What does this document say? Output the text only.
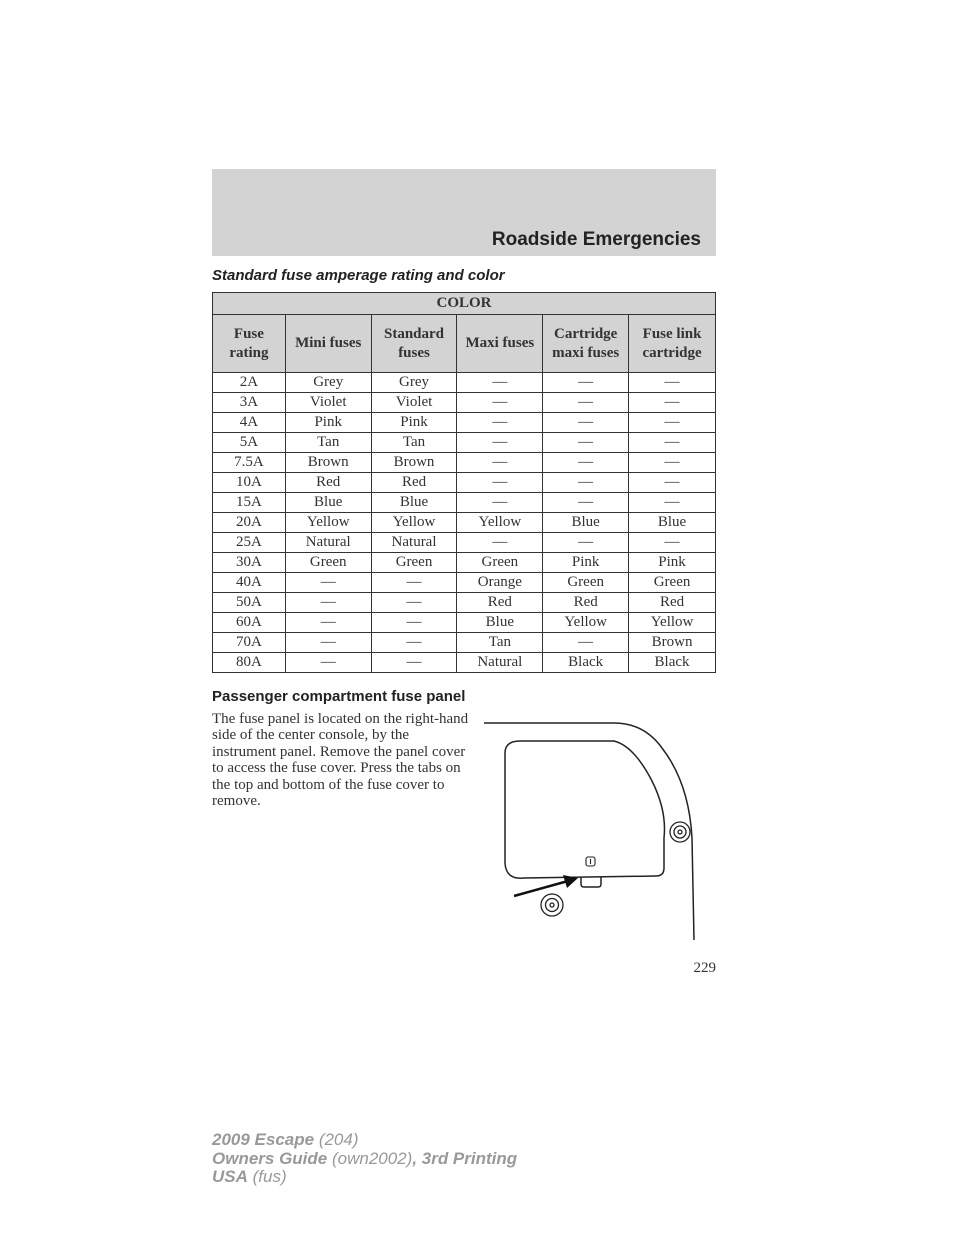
Roadside Emergencies
Standard fuse amperage rating and color
COLOR					
Fuse rating	Mini fuses	Standard fuses	Maxi fuses	Cartridge maxi fuses	Fuse link cartridge
2A	Grey	Grey	—	—	—
3A	Violet	Violet	—	—	—
4A	Pink	Pink	—	—	—
5A	Tan	Tan	—	—	—
7.5A	Brown	Brown	—	—	—
10A	Red	Red	—	—	—
15A	Blue	Blue	—	—	—
20A	Yellow	Yellow	Yellow	Blue	Blue
25A	Natural	Natural	—	—	—
30A	Green	Green	Green	Pink	Pink
40A	—	—	Orange	Green	Green
50A	—	—	Red	Red	Red
60A	—	—	Blue	Yellow	Yellow
70A	—	—	Tan	—	Brown
80A	—	—	Natural	Black	Black
Passenger compartment fuse panel
The fuse panel is located on the right-hand side of the center console, by the instrument panel. Remove the panel cover to access the fuse cover. Press the tabs on the top and bottom of the fuse cover to remove.
229
2009 Escape (204)
Owners Guide (own2002), 3rd Printing
USA (fus)
